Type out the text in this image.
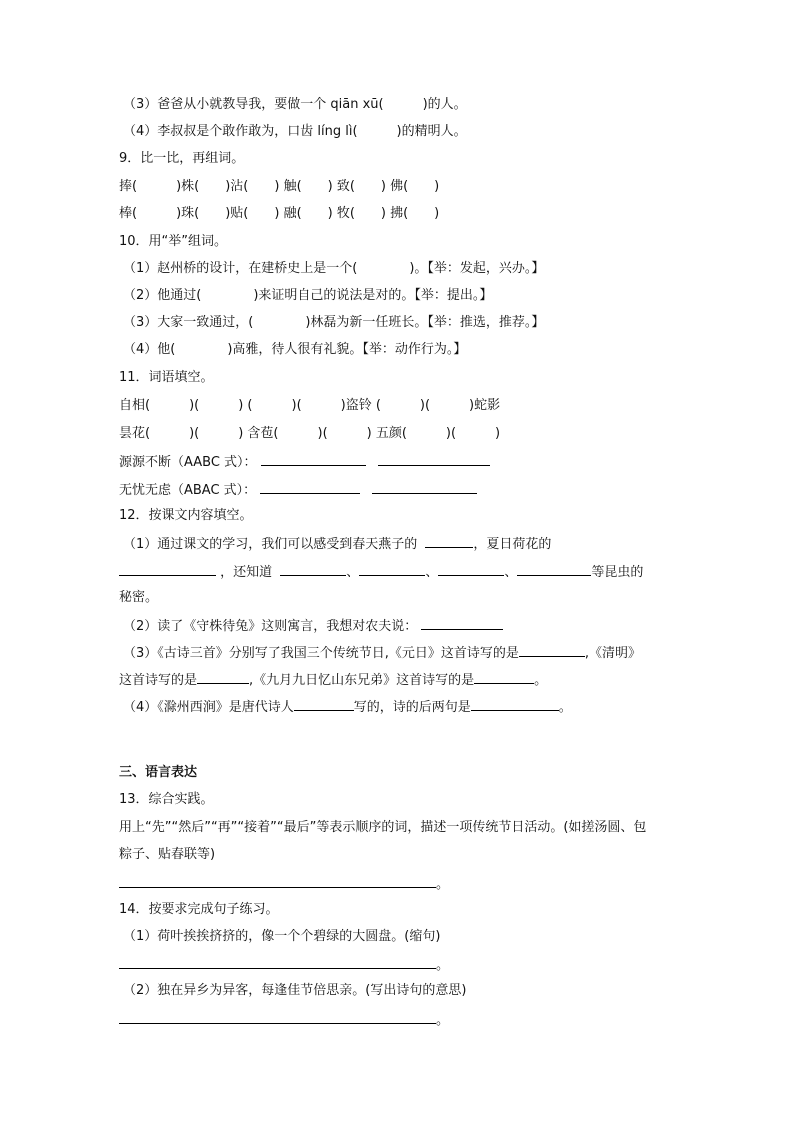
（3）爸爸从小就教导我，要做一个 qiān xū(　　　)的人。
（4）李叔叔是个敢作敢为，口齿 líng lì(　　　)的精明人。
9．比一比，再组词。
捧(　　　)株(　　)沾(　　) 触(　　) 致(　　) 佛(　　)
棒(　　　)珠(　　)贴(　　) 融(　　) 牧(　　) 拂(　　)
10．用“举”组词。
（1）赵州桥的设计，在建桥史上是一个(　　　　)。【举：发起，兴办。】
（2）他通过(　　　　)来证明自己的说法是对的。【举：提出。】
（3）大家一致通过，(　　　　)林磊为新一任班长。【举：推选，推荐。】
（4）他(　　　　)高雅，待人很有礼貌。【举：动作行为。】
11．词语填空。
自相(　　　)(　　　) (　　　)(　　　)盗铃 (　　　)(　　　)蛇影
昙花(　　　)(　　　) 含苞(　　　)(　　　) 五颜(　　　)(　　　)
源源不断（AABC 式）：
无忧无虑（ABAC 式）：
12．按课文内容填空。
（1）通过课文的学习，我们可以感受到春天燕子的	，夏日荷花的
，还知道	、	、	、	等昆虫的
秘密。
（2）读了《守株待兔》这则寓言，我想对农夫说：
（3）《古诗三首》分别写了我国三个传统节日,《元日》这首诗写的是	,《清明》
这首诗写的是	,《九月九日忆山东兄弟》这首诗写的是	。
（4）《滁州西涧》是唐代诗人	写的，诗的后两句是	。
三、语言表达
13．综合实践。
用上“先”“然后”“再”“接着”“最后”等表示顺序的词，描述一项传统节日活动。(如搓汤圆、包
粽子、贴春联等)
。
14．按要求完成句子练习。
（1）荷叶挨挨挤挤的，像一个个碧绿的大圆盘。(缩句)
。
（2）独在异乡为异客，每逢佳节倍思亲。(写出诗句的意思)
。
